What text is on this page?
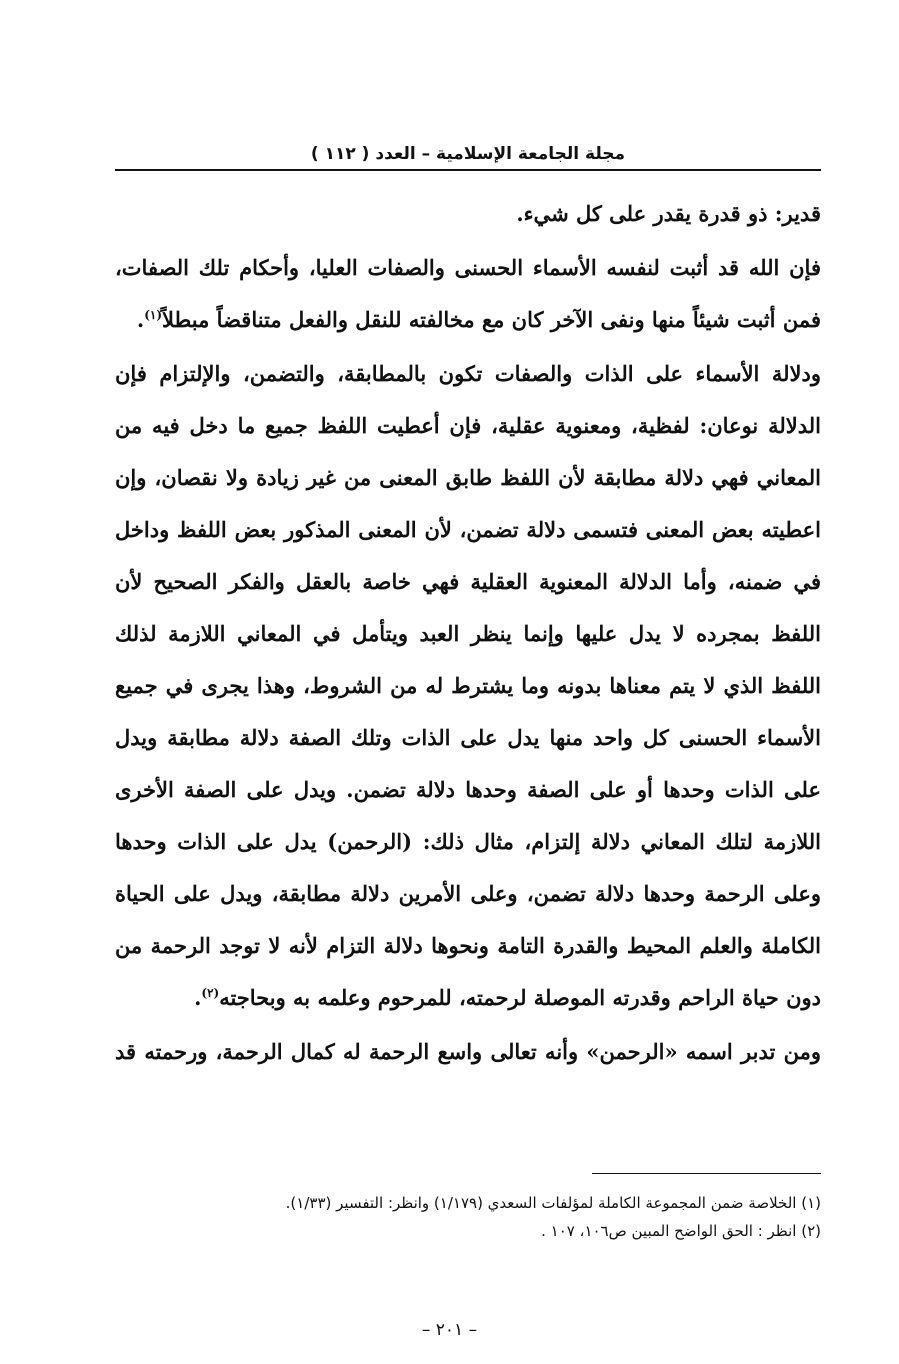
مجلة الجامعة الإسلامية – العدد ( ١١٢ )

قدير: ذو قدرة يقدر على كل شيء.

فإن الله قد أثبت لنفسه الأسماء الحسنى والصفات العليا، وأحكام تلك الصفات، فمن أثبت شيئاً منها ونفى الآخر كان مع مخالفته للنقل والفعل متناقضاً مبطلاً$^{(١)}$.

ودلالة الأسماء على الذات والصفات تكون بالمطابقة، والتضمن، والإلتزام فإن الدلالة نوعان: لفظية، ومعنوية عقلية، فإن أعطيت اللفظ جميع ما دخل فيه من المعاني فهي دلالة مطابقة لأن اللفظ طابق المعنى من غير زيادة ولا نقصان، وإن اعطيته بعض المعنى فتسمى دلالة تضمن، لأن المعنى المذكور بعض اللفظ وداخل في ضمنه، وأما الدلالة المعنوية العقلية فهي خاصة بالعقل والفكر الصحيح لأن اللفظ بمجرده لا يدل عليها وإنما ينظر العبد ويتأمل في المعاني اللازمة لذلك اللفظ الذي لا يتم معناها بدونه وما يشترط له من الشروط، وهذا يجرى في جميع الأسماء الحسنى كل واحد منها يدل على الذات وتلك الصفة دلالة مطابقة ويدل على الذات وحدها أو على الصفة وحدها دلالة تضمن. ويدل على الصفة الأخرى اللازمة لتلك المعاني دلالة إلتزام، مثال ذلك: (الرحمن) يدل على الذات وحدها وعلى الرحمة وحدها دلالة تضمن، وعلى الأمرين دلالة مطابقة، ويدل على الحياة الكاملة والعلم المحيط والقدرة التامة ونحوها دلالة التزام لأنه لا توجد الرحمة من دون حياة الراحم وقدرته الموصلة لرحمته، للمرحوم وعلمه به وبحاجته$^{(٢)}$.

ومن تدبر اسمه «الرحمن» وأنه تعالى واسع الرحمة له كمال الرحمة، ورحمته قد

(١) الخلاصة ضمن المجموعة الكاملة لمؤلفات السعدي (١/١٧٩) وانظر: التفسير (١/٣٣).

(٢) انظر : الحق الواضح المبين ص١٠٦، ١٠٧ .

– ٢٠١ –
